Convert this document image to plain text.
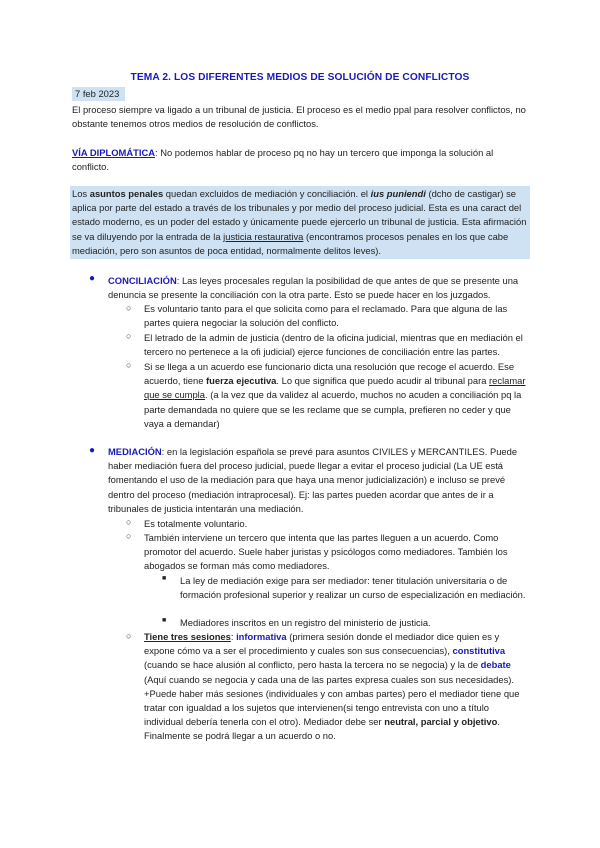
TEMA 2. LOS DIFERENTES MEDIOS DE SOLUCIÓN DE CONFLICTOS
7 feb 2023

El proceso siempre va ligado a un tribunal de justicia. El proceso es el medio ppal para resolver conflictos, no obstante tenemos otros medios de resolución de conflictos.

VÍA DIPLOMÁTICA: No podemos hablar de proceso pq no hay un tercero que imponga la solución al conflicto.

Los asuntos penales quedan excluidos de mediación y conciliación. el ius puniendi (dcho de castigar) se aplica por parte del estado a través de los tribunales y por medio del proceso judicial. Esta es una caract del estado moderno, es un poder del estado y únicamente puede ejercerlo un tribunal de justicia. Esta afirmación se va diluyendo por la entrada de la justicia restaurativa (encontramos procesos penales en los que cabe mediación, pero son asuntos de poca entidad, normalmente delitos leves).

● CONCILIACIÓN: Las leyes procesales regulan la posibilidad de que antes de que se presente una denuncia se presente la conciliación con la otra parte. Esto se puede hacer en los juzgados.

○ Es voluntario tanto para el que solicita como para el reclamado. Para que alguna de las partes quiera negociar la solución del conflicto.

○ El letrado de la admin de justicia (dentro de la oficina judicial, mientras que en mediación el tercero no pertenece a la ofi judicial) ejerce funciones de conciliación entre las partes.

○ Si se llega a un acuerdo ese funcionario dicta una resolución que recoge el acuerdo. Ese acuerdo, tiene fuerza ejecutiva. Lo que significa que puedo acudir al tribunal para reclamar que se cumpla. (a la vez que da validez al acuerdo, muchos no acuden a conciliación pq la parte demandada no quiere que se les reclame que se cumpla, prefieren no ceder y que vaya a demandar)

● MEDIACIÓN: en la legislación española se prevé para asuntos CIVILES y MERCANTILES. Puede haber mediación fuera del proceso judicial, puede llegar a evitar el proceso judicial (La UE está fomentando el uso de la mediación para que haya una menor judicialización) e incluso se prevé dentro del proceso (mediación intraprocesal). Ej: las partes pueden acordar que antes de ir a tribunales de justicia intentarán una mediación.

○ Es totalmente voluntario.

○ También interviene un tercero que intenta que las partes lleguen a un acuerdo. Como promotor del acuerdo. Suele haber juristas y psicólogos como mediadores. También los abogados se forman más como mediadores.

■ La ley de mediación exige para ser mediador: tener titulación universitaria o de formación profesional superior y realizar un curso de especialización en mediación.

■ Mediadores inscritos en un registro del ministerio de justicia.

○ Tiene tres sesiones: informativa (primera sesión donde el mediador dice quien es y expone cómo va a ser el procedimiento y cuales son sus consecuencias), constitutiva (cuando se hace alusión al conflicto, pero hasta la tercera no se negocia) y la de debate (Aquí cuando se negocia y cada una de las partes expresa cuales son sus necesidades). +Puede haber más sesiones (individuales y con ambas partes) pero el mediador tiene que tratar con igualdad a los sujetos que intervienen(si tengo entrevista con uno a título individual debería tenerla con el otro). Mediador debe ser neutral, parcial y objetivo. Finalmente se podrá llegar a un acuerdo o no.
